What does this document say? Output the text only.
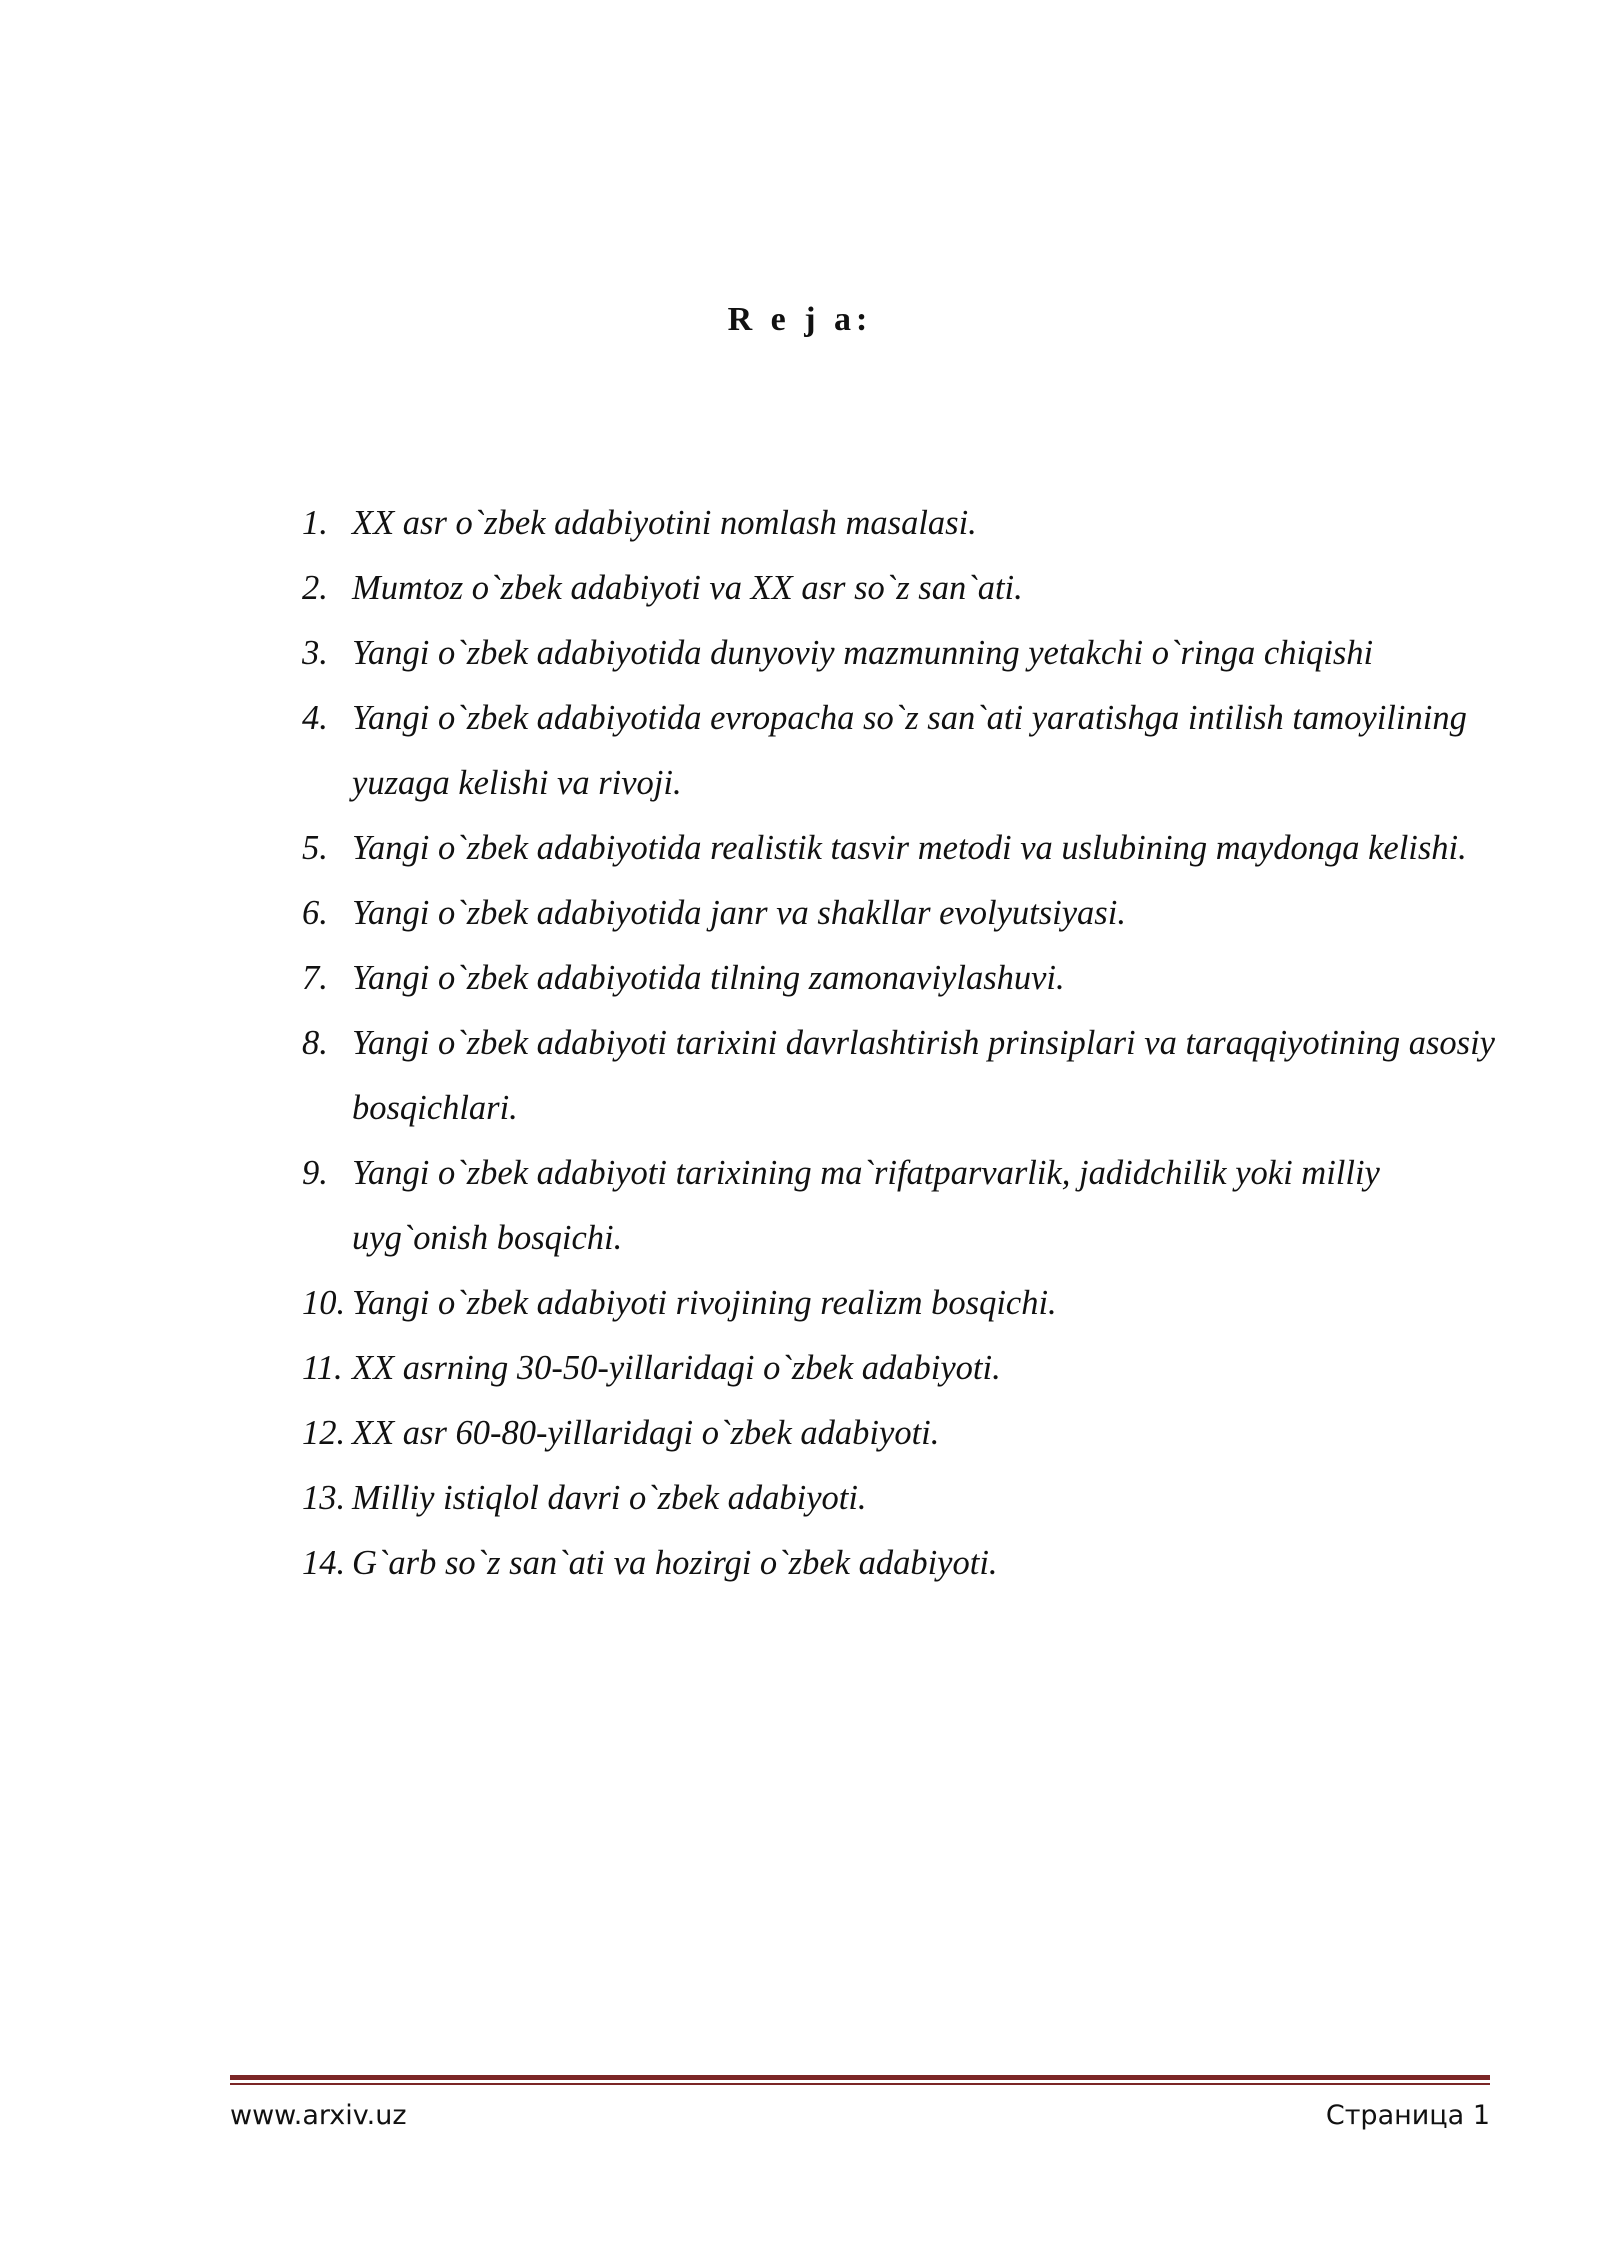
R e j a:
1. XX asr o`zbek adabiyotini nomlash masalasi.
2. Mumtoz o`zbek adabiyoti va XX asr so`z san`ati.
3. Yangi o`zbek adabiyotida dunyoviy mazmunning yetakchi o`ringa chiqishi
4. Yangi o`zbek adabiyotida evropacha so`z san`ati yaratishga intilish tamoyilining yuzaga kelishi va rivoji.
5. Yangi o`zbek adabiyotida realistik tasvir metodi va uslubining maydonga kelishi.
6. Yangi o`zbek adabiyotida janr va shakllar evolyutsiyasi.
7. Yangi o`zbek adabiyotida tilning zamonaviylashuvi.
8. Yangi o`zbek adabiyoti tarixini davrlashtirish prinsiplari va taraqqiyotining asosiy bosqichlari.
9. Yangi o`zbek adabiyoti tarixining ma`rifatparvarlik, jadidchilik yoki milliy uyg`onish bosqichi.
10. Yangi o`zbek adabiyoti rivojining realizm bosqichi.
11. XX asrning 30-50-yillaridagi o`zbek adabiyoti.
12. XX asr 60-80-yillaridagi o`zbek adabiyoti.
13. Milliy istiqlol davri o`zbek adabiyoti.
14. G`arb so`z san`ati va hozirgi o`zbek adabiyoti.
www.arxiv.uz	Страница 1
